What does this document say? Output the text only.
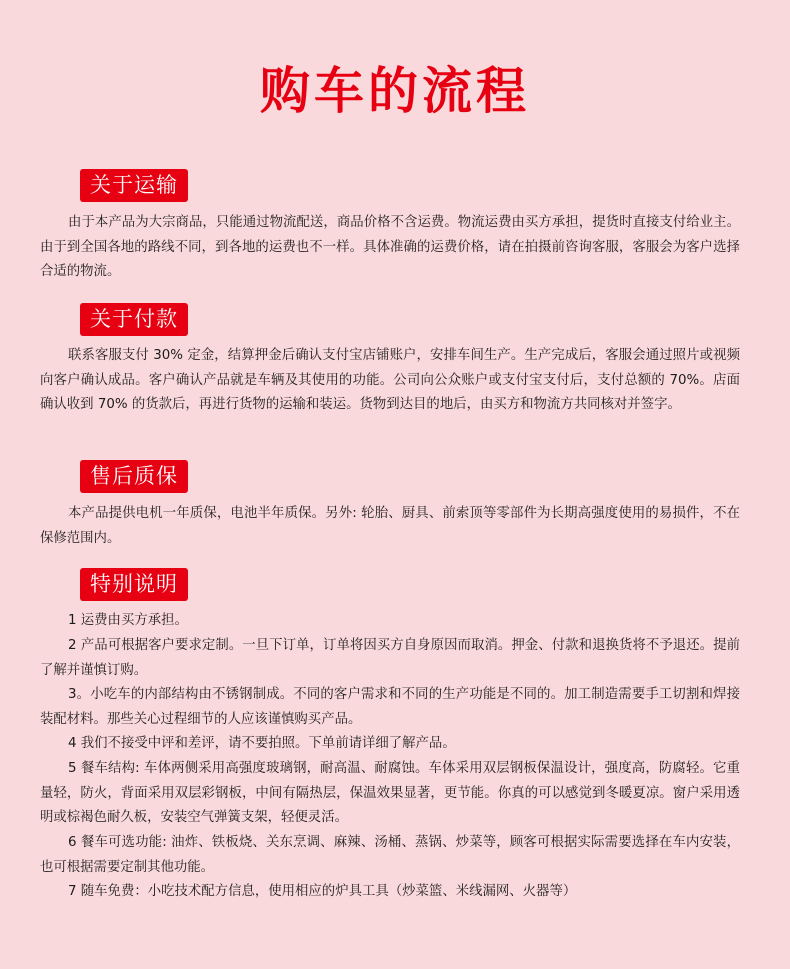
购车的流程
关于运输

由于本产品为大宗商品，只能通过物流配送，商品价格不含运费。物流运费由买方承担，提货时直接支付给业主。由于到全国各地的路线不同，到各地的运费也不一样。具体准确的运费价格，请在拍摄前咨询客服，客服会为客户选择合适的物流。

关于付款

联系客服支付 30% 定金，结算押金后确认支付宝店铺账户，安排车间生产。生产完成后，客服会通过照片或视频向客户确认成品。客户确认产品就是车辆及其使用的功能。公司向公众账户或支付宝支付后，支付总额的 70%。店面确认收到 70% 的货款后，再进行货物的运输和装运。货物到达目的地后，由买方和物流方共同核对并签字。

售后质保

本产品提供电机一年质保，电池半年质保。另外: 轮胎、厨具、前索顶等零部件为长期高强度使用的易损件，不在保修范围内。

特别说明

1 运费由买方承担。

2 产品可根据客户要求定制。一旦下订单，订单将因买方自身原因而取消。押金、付款和退换货将不予退还。提前了解并谨慎订购。

3。小吃车的内部结构由不锈钢制成。不同的客户需求和不同的生产功能是不同的。加工制造需要手工切割和焊接装配材料。那些关心过程细节的人应该谨慎购买产品。

4 我们不接受中评和差评，请不要拍照。下单前请详细了解产品。

5 餐车结构: 车体两侧采用高强度玻璃钢，耐高温、耐腐蚀。车体采用双层钢板保温设计，强度高，防腐轻。它重量轻，防火，背面采用双层彩钢板，中间有隔热层，保温效果显著，更节能。你真的可以感觉到冬暖夏凉。窗户采用透明或棕褐色耐久板，安装空气弹簧支架，轻便灵活。

6 餐车可选功能: 油炸、铁板烧、关东烹调、麻辣、汤桶、蒸锅、炒菜等，顾客可根据实际需要选择在车内安装，也可根据需要定制其他功能。

7 随车免费：小吃技术配方信息，使用相应的炉具工具（炒菜篮、米线漏网、火器等）
